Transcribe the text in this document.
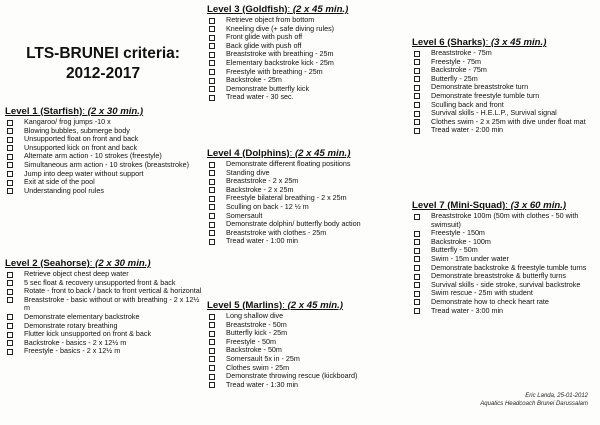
LTS-BRUNEI criteria:
2012-2017
Level 1 (Starfish): (2 x 30 min.)
Kangaroo/ frog jumps -10 x
Blowing bubbles, submerge body
Unsupported float on front and back
Unsupported kick on front and back
Alternate arm action - 10 strokes (freestyle)
Simultaneous arm action - 10 strokes (breaststroke)
Jump into deep water without support
Exit at side of the pool
Understanding pool rules
Level 2 (Seahorse): (2 x 30 min.)
Retrieve object chest deep water
5 sec float & recovery unsupported front & back
Rotate - front to back / back to front vertical & horizontal
Breaststroke - basic without or with breathing - 2 x 12½ m
Demonstrate elementary backstroke
Demonstrate rotary breathing
Flutter kick unsupported on front & back
Backstroke - basics - 2 x 12½ m
Freestyle - basics - 2 x 12½ m
Level 3 (Goldfish): (2 x 45 min.)
Retrieve object from bottom
Kneeling dive (+ safe diving rules)
Front glide with push off
Back glide with push off
Breaststroke with breathing - 25m
Elementary backstroke kick - 25m
Freestyle with breathing - 25m
Backstroke - 25m
Demonstrate butterfly kick
Tread water - 30 sec.
Level 4 (Dolphins): (2 x 45 min.)
Demonstrate different floating positions
Standing dive
Breaststroke - 2 x 25m
Backstroke - 2 x 25m
Freestyle bilateral breathing - 2 x 25m
Sculling on back - 12 ½ m
Somersault
Demonstrate dolphin/ butterfly body action
Breaststroke with clothes - 25m
Tread water - 1:00 min
Level 5 (Marlins): (2 x 45 min.)
Long shallow dive
Breaststroke - 50m
Butterfly kick - 25m
Freestyle - 50m
Backstroke - 50m
Somersault 5x in - 25m
Clothes swim - 25m
Demonstrate throwing rescue (kickboard)
Tread water - 1:30 min
Level 6 (Sharks): (3 x 45 min.)
Breaststroke - 75m
Freestyle - 75m
Backstroke - 75m
Butterfly - 25m
Demonstrate breaststroke turn
Demonstrate freestyle tumble turn
Sculling back and front
Survival skills - H.E.L.P., Survival signal
Clothes swim - 2 x 25m with dive under float mat
Tread water - 2:00 min
Level 7 (Mini-Squad): (3 x 60 min.)
Breaststroke 100m (50m with clothes - 50 with swimsuit)
Freestyle - 150m
Backstroke - 100m
Butterfly - 50m
Swim - 15m under water
Demonstrate backstroke & freestyle tumble turns
Demonstrate breaststroke & butterfly turns
Survival skills - side stroke, survival backstroke
Swim rescue - 25m with student
Demonstrate how to check heart rate
Tread water - 3:00 min
Eric Landa, 25-01-2012
Aquatics Headcoach Brunei Darussalam
